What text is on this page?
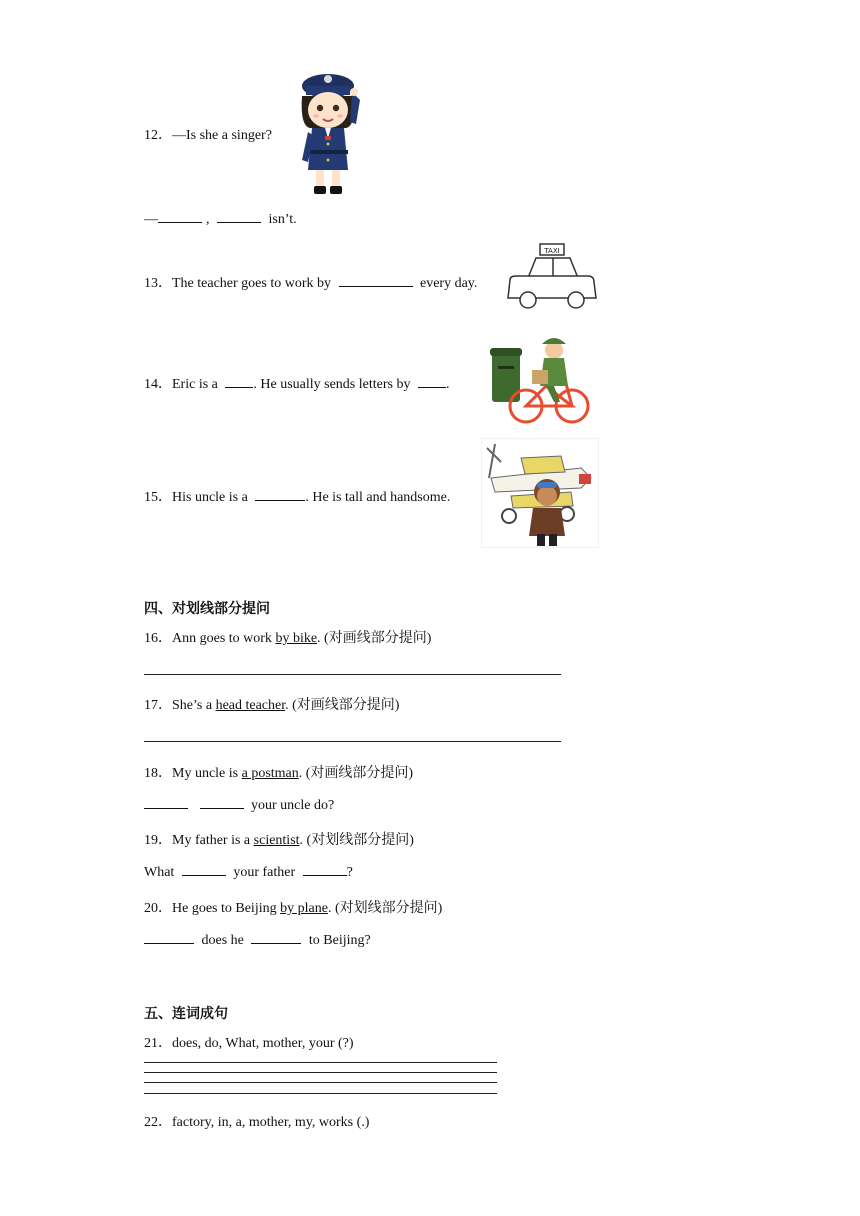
12．—Is she a singer?
—	,	isn’t.
13．The teacher goes to work by	every day.
TAXI
14．Eric is a	. He usually sends letters by	.
15．His uncle is a	. He is tall and handsome.
四、对划线部分提问
16．Ann goes to work by bike. (对画线部分提问)
17．She’s a head teacher. (对画线部分提问)
18．My uncle is a postman. (对画线部分提问)
your uncle do?
19．My father is a scientist. (对划线部分提问)
What	your father	?
20．He goes to Beijing by plane. (对划线部分提问)
does he	to Beijing?
五、连词成句
21．does, do, What, mother, your (?)
22．factory, in, a, mother, my, works (.)
